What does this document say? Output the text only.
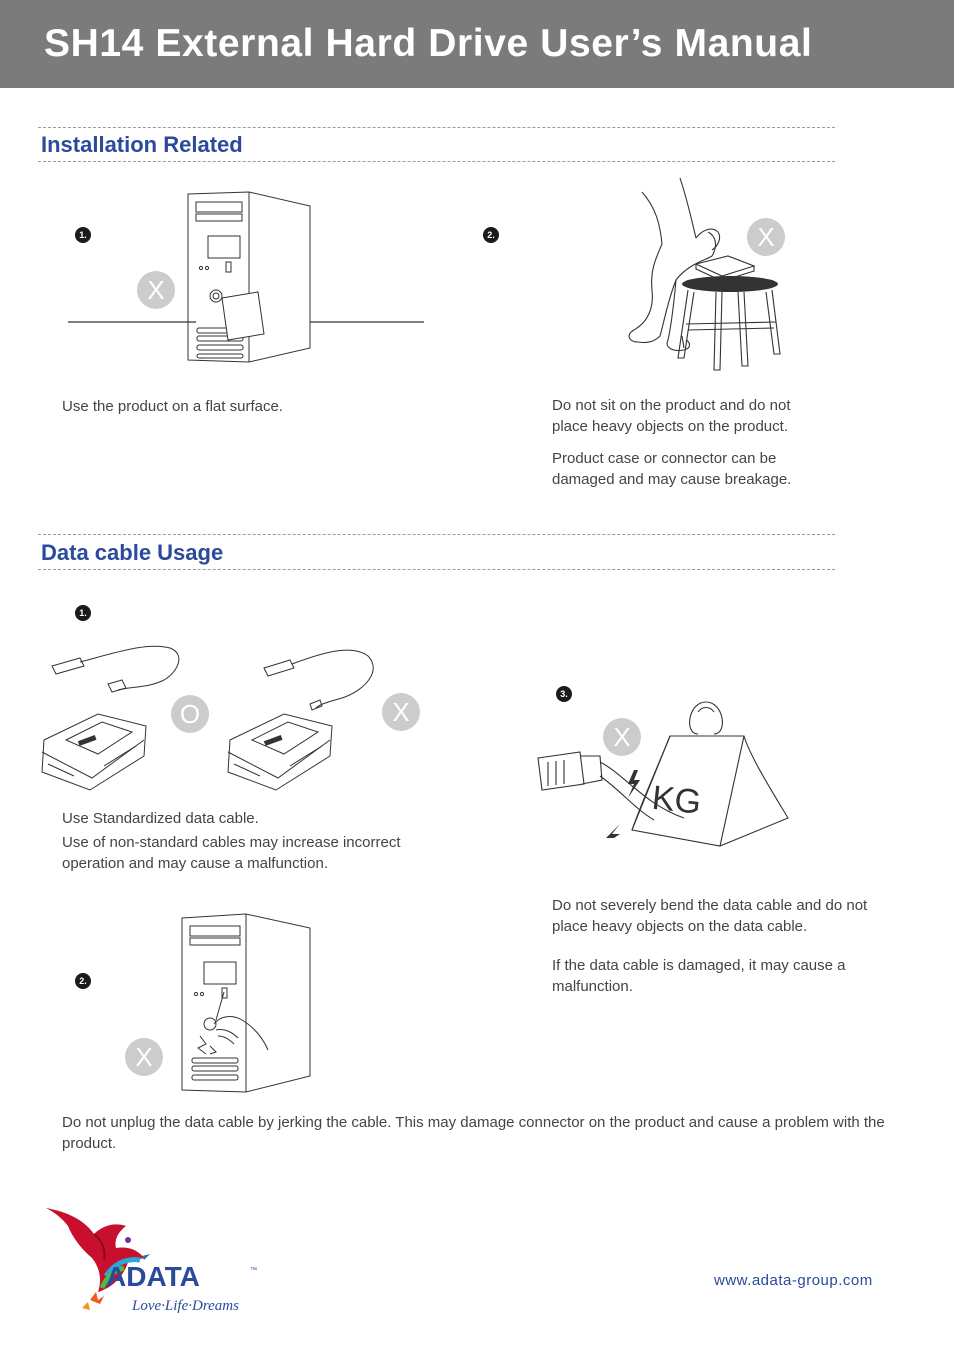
SH14 External Hard Drive User’s Manual
Installation Related
1.
X
Use the product on a flat surface.
2.	X
Do not sit on the product and do not place heavy objects on the product.
Product case or connector can be damaged and may cause breakage.
Data cable Usage
1.
O	X
Use Standardized data cable.
Use of non-standard cables may increase incorrect operation and may cause a malfunction.
3.
KG
X
Do not severely bend the data cable and do not place heavy objects on the data cable.
If the data cable is damaged, it may cause a malfunction.
2.
X
Do not unplug the data cable by jerking the cable. This may damage connector on the product and cause a problem with the product.
ADATA	™
Love·Life·Dreams
www.adata-group.com
